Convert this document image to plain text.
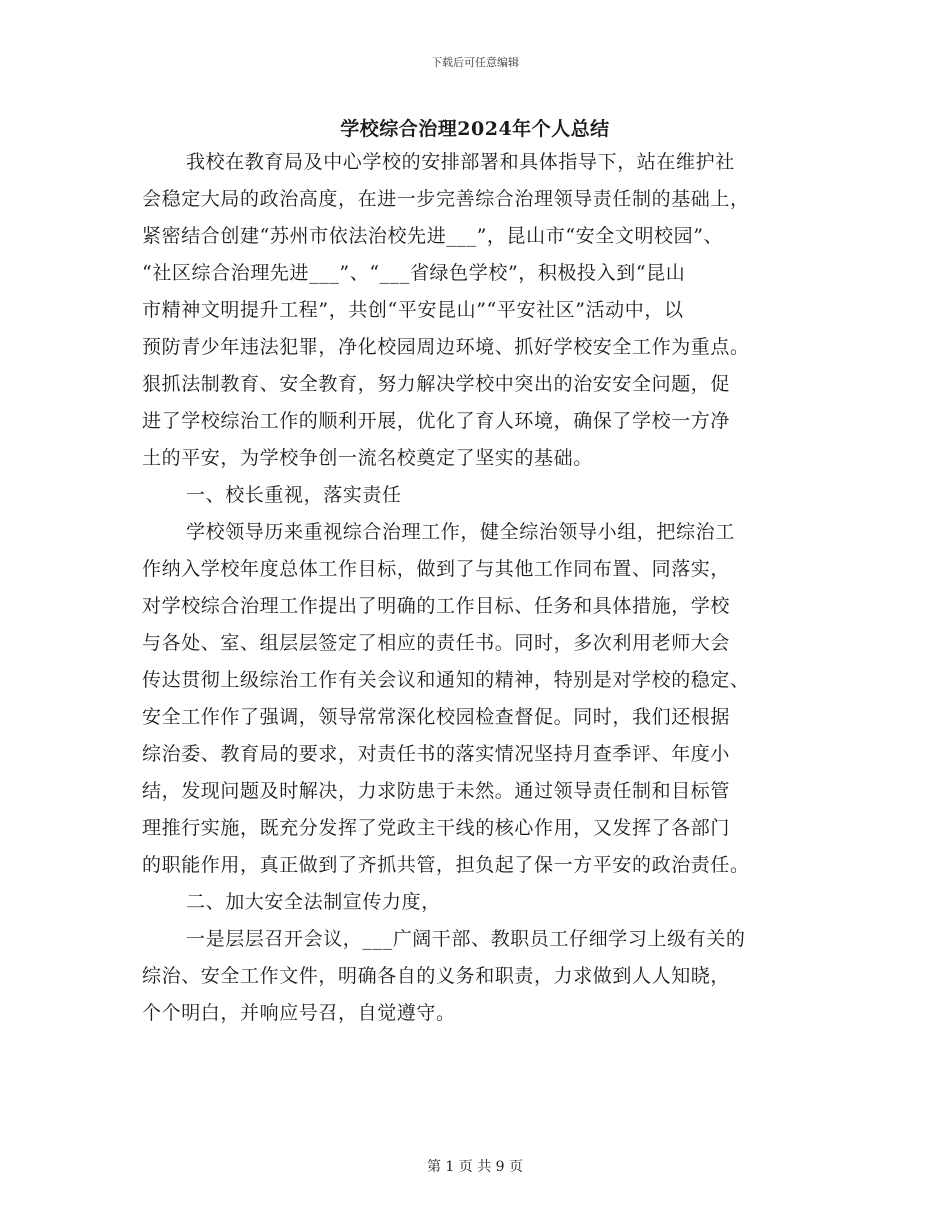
下载后可任意编辑
学校综合治理2024年个人总结
我校在教育局及中心学校的安排部署和具体指导下，站在维护社
会稳定大局的政治高度，在进一步完善综合治理领导责任制的基础上，
紧密结合创建“苏州市依法治校先进___”，昆山市“安全文明校园”、
“社区综合治理先进___”、“___省绿色学校”，积极投入到“昆山
市精神文明提升工程”，共创“平安昆山”“平安社区”活动中，以
预防青少年违法犯罪，净化校园周边环境、抓好学校安全工作为重点。
狠抓法制教育、安全教育，努力解决学校中突出的治安安全问题，促
进了学校综治工作的顺利开展，优化了育人环境，确保了学校一方净
土的平安，为学校争创一流名校奠定了坚实的基础。
一、校长重视，落实责任
学校领导历来重视综合治理工作，健全综治领导小组，把综治工
作纳入学校年度总体工作目标，做到了与其他工作同布置、同落实，
对学校综合治理工作提出了明确的工作目标、任务和具体措施，学校
与各处、室、组层层签定了相应的责任书。同时，多次利用老师大会
传达贯彻上级综治工作有关会议和通知的精神，特别是对学校的稳定、
安全工作作了强调，领导常常深化校园检查督促。同时，我们还根据
综治委、教育局的要求，对责任书的落实情况坚持月查季评、年度小
结，发现问题及时解决，力求防患于未然。通过领导责任制和目标管
理推行实施，既充分发挥了党政主干线的核心作用，又发挥了各部门
的职能作用，真正做到了齐抓共管，担负起了保一方平安的政治责任。
二、加大安全法制宣传力度，
一是层层召开会议，___广阔干部、教职员工仔细学习上级有关的
综治、安全工作文件，明确各自的义务和职责，力求做到人人知晓，
个个明白，并响应号召，自觉遵守。
第 1 页 共 9 页
